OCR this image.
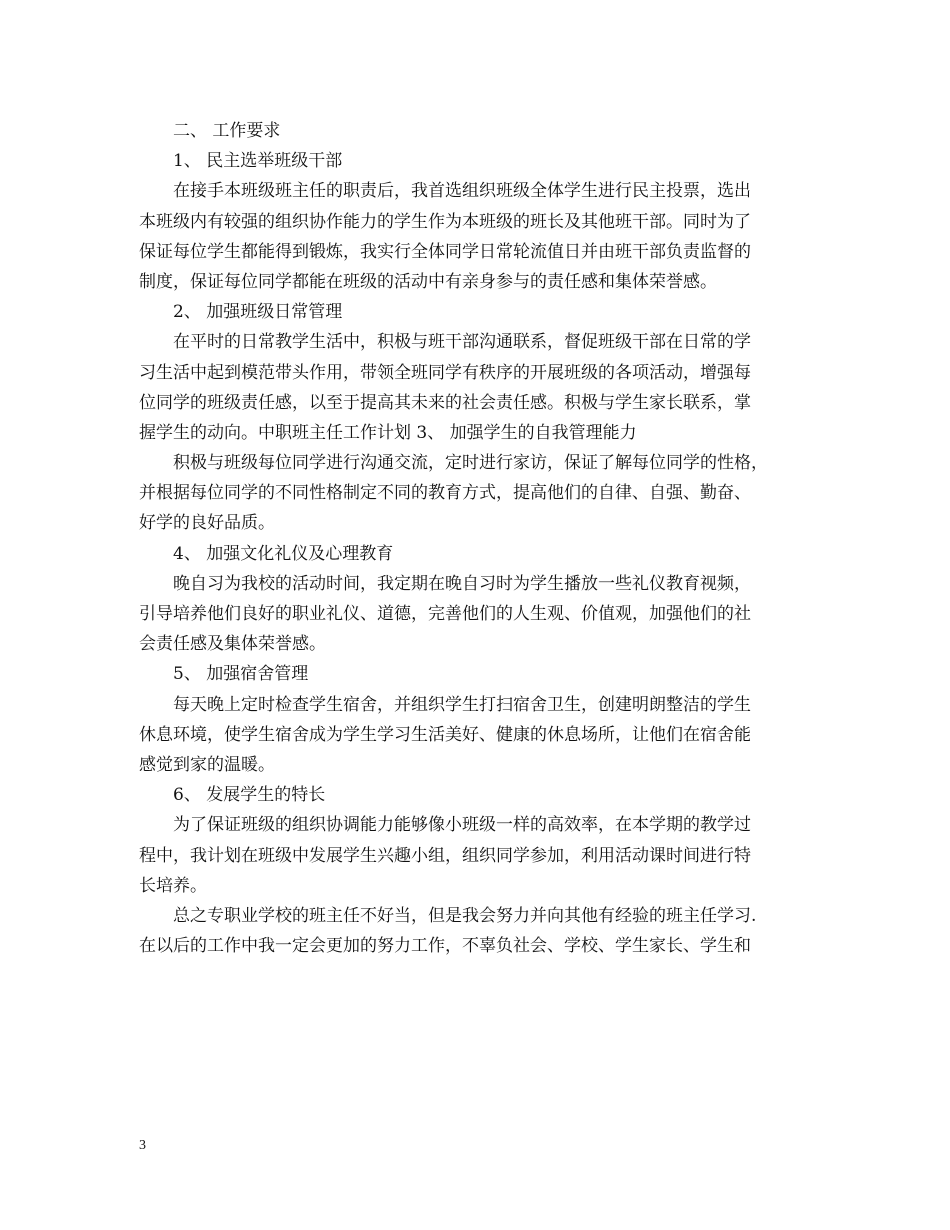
二、 工作要求
1、 民主选举班级干部
在接手本班级班主任的职责后，我首选组织班级全体学生进行民主投票，选出
本班级内有较强的组织协作能力的学生作为本班级的班长及其他班干部。同时为了
保证每位学生都能得到锻炼，我实行全体同学日常轮流值日并由班干部负责监督的
制度，保证每位同学都能在班级的活动中有亲身参与的责任感和集体荣誉感。
2、 加强班级日常管理
在平时的日常教学生活中，积极与班干部沟通联系，督促班级干部在日常的学
习生活中起到模范带头作用，带领全班同学有秩序的开展班级的各项活动，增强每
位同学的班级责任感，以至于提高其未来的社会责任感。积极与学生家长联系，掌
握学生的动向。中职班主任工作计划 3、 加强学生的自我管理能力
积极与班级每位同学进行沟通交流，定时进行家访，保证了解每位同学的性格，
并根据每位同学的不同性格制定不同的教育方式，提高他们的自律、自强、勤奋、
好学的良好品质。
4、 加强文化礼仪及心理教育
晚自习为我校的活动时间，我定期在晚自习时为学生播放一些礼仪教育视频，
引导培养他们良好的职业礼仪、道德，完善他们的人生观、价值观，加强他们的社
会责任感及集体荣誉感。
5、 加强宿舍管理
每天晚上定时检查学生宿舍，并组织学生打扫宿舍卫生，创建明朗整洁的学生
休息环境，使学生宿舍成为学生学习生活美好、健康的休息场所，让他们在宿舍能
感觉到家的温暖。
6、 发展学生的特长
为了保证班级的组织协调能力能够像小班级一样的高效率，在本学期的教学过
程中，我计划在班级中发展学生兴趣小组，组织同学参加，利用活动课时间进行特
长培养。
总之专职业学校的班主任不好当，但是我会努力并向其他有经验的班主任学习.
在以后的工作中我一定会更加的努力工作，不辜负社会、学校、学生家长、学生和
3
